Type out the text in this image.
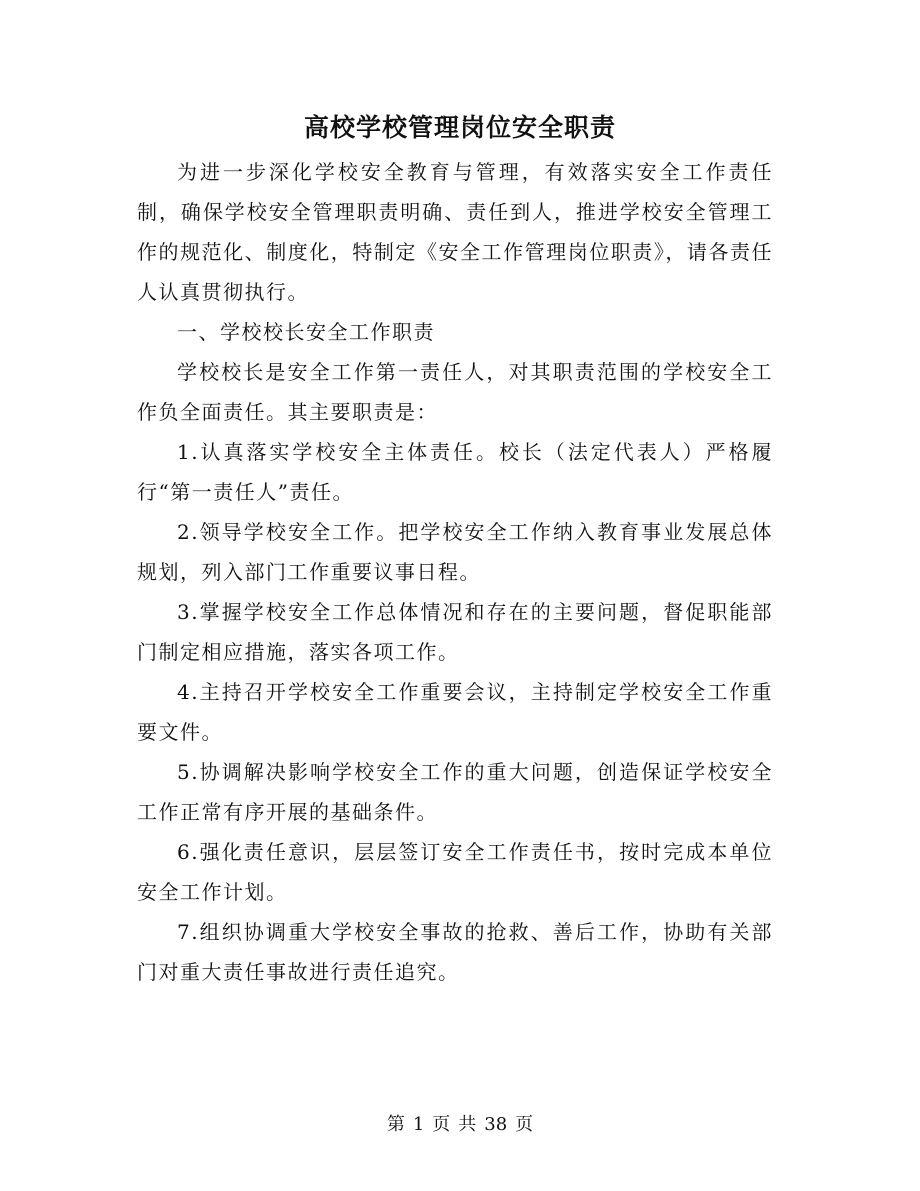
高校学校管理岗位安全职责

为进一步深化学校安全教育与管理，有效落实安全工作责任制，确保学校安全管理职责明确、责任到人，推进学校安全管理工作的规范化、制度化，特制定《安全工作管理岗位职责》，请各责任人认真贯彻执行。

一、学校校长安全工作职责

学校校长是安全工作第一责任人，对其职责范围的学校安全工作负全面责任。其主要职责是：

1.认真落实学校安全主体责任。校长（法定代表人）严格履行“第一责任人”责任。

2.领导学校安全工作。把学校安全工作纳入教育事业发展总体规划，列入部门工作重要议事日程。

3.掌握学校安全工作总体情况和存在的主要问题，督促职能部门制定相应措施，落实各项工作。

4.主持召开学校安全工作重要会议，主持制定学校安全工作重要文件。

5.协调解决影响学校安全工作的重大问题，创造保证学校安全工作正常有序开展的基础条件。

6.强化责任意识，层层签订安全工作责任书，按时完成本单位安全工作计划。

7.组织协调重大学校安全事故的抢救、善后工作，协助有关部门对重大责任事故进行责任追究。

第 1 页 共 38 页
